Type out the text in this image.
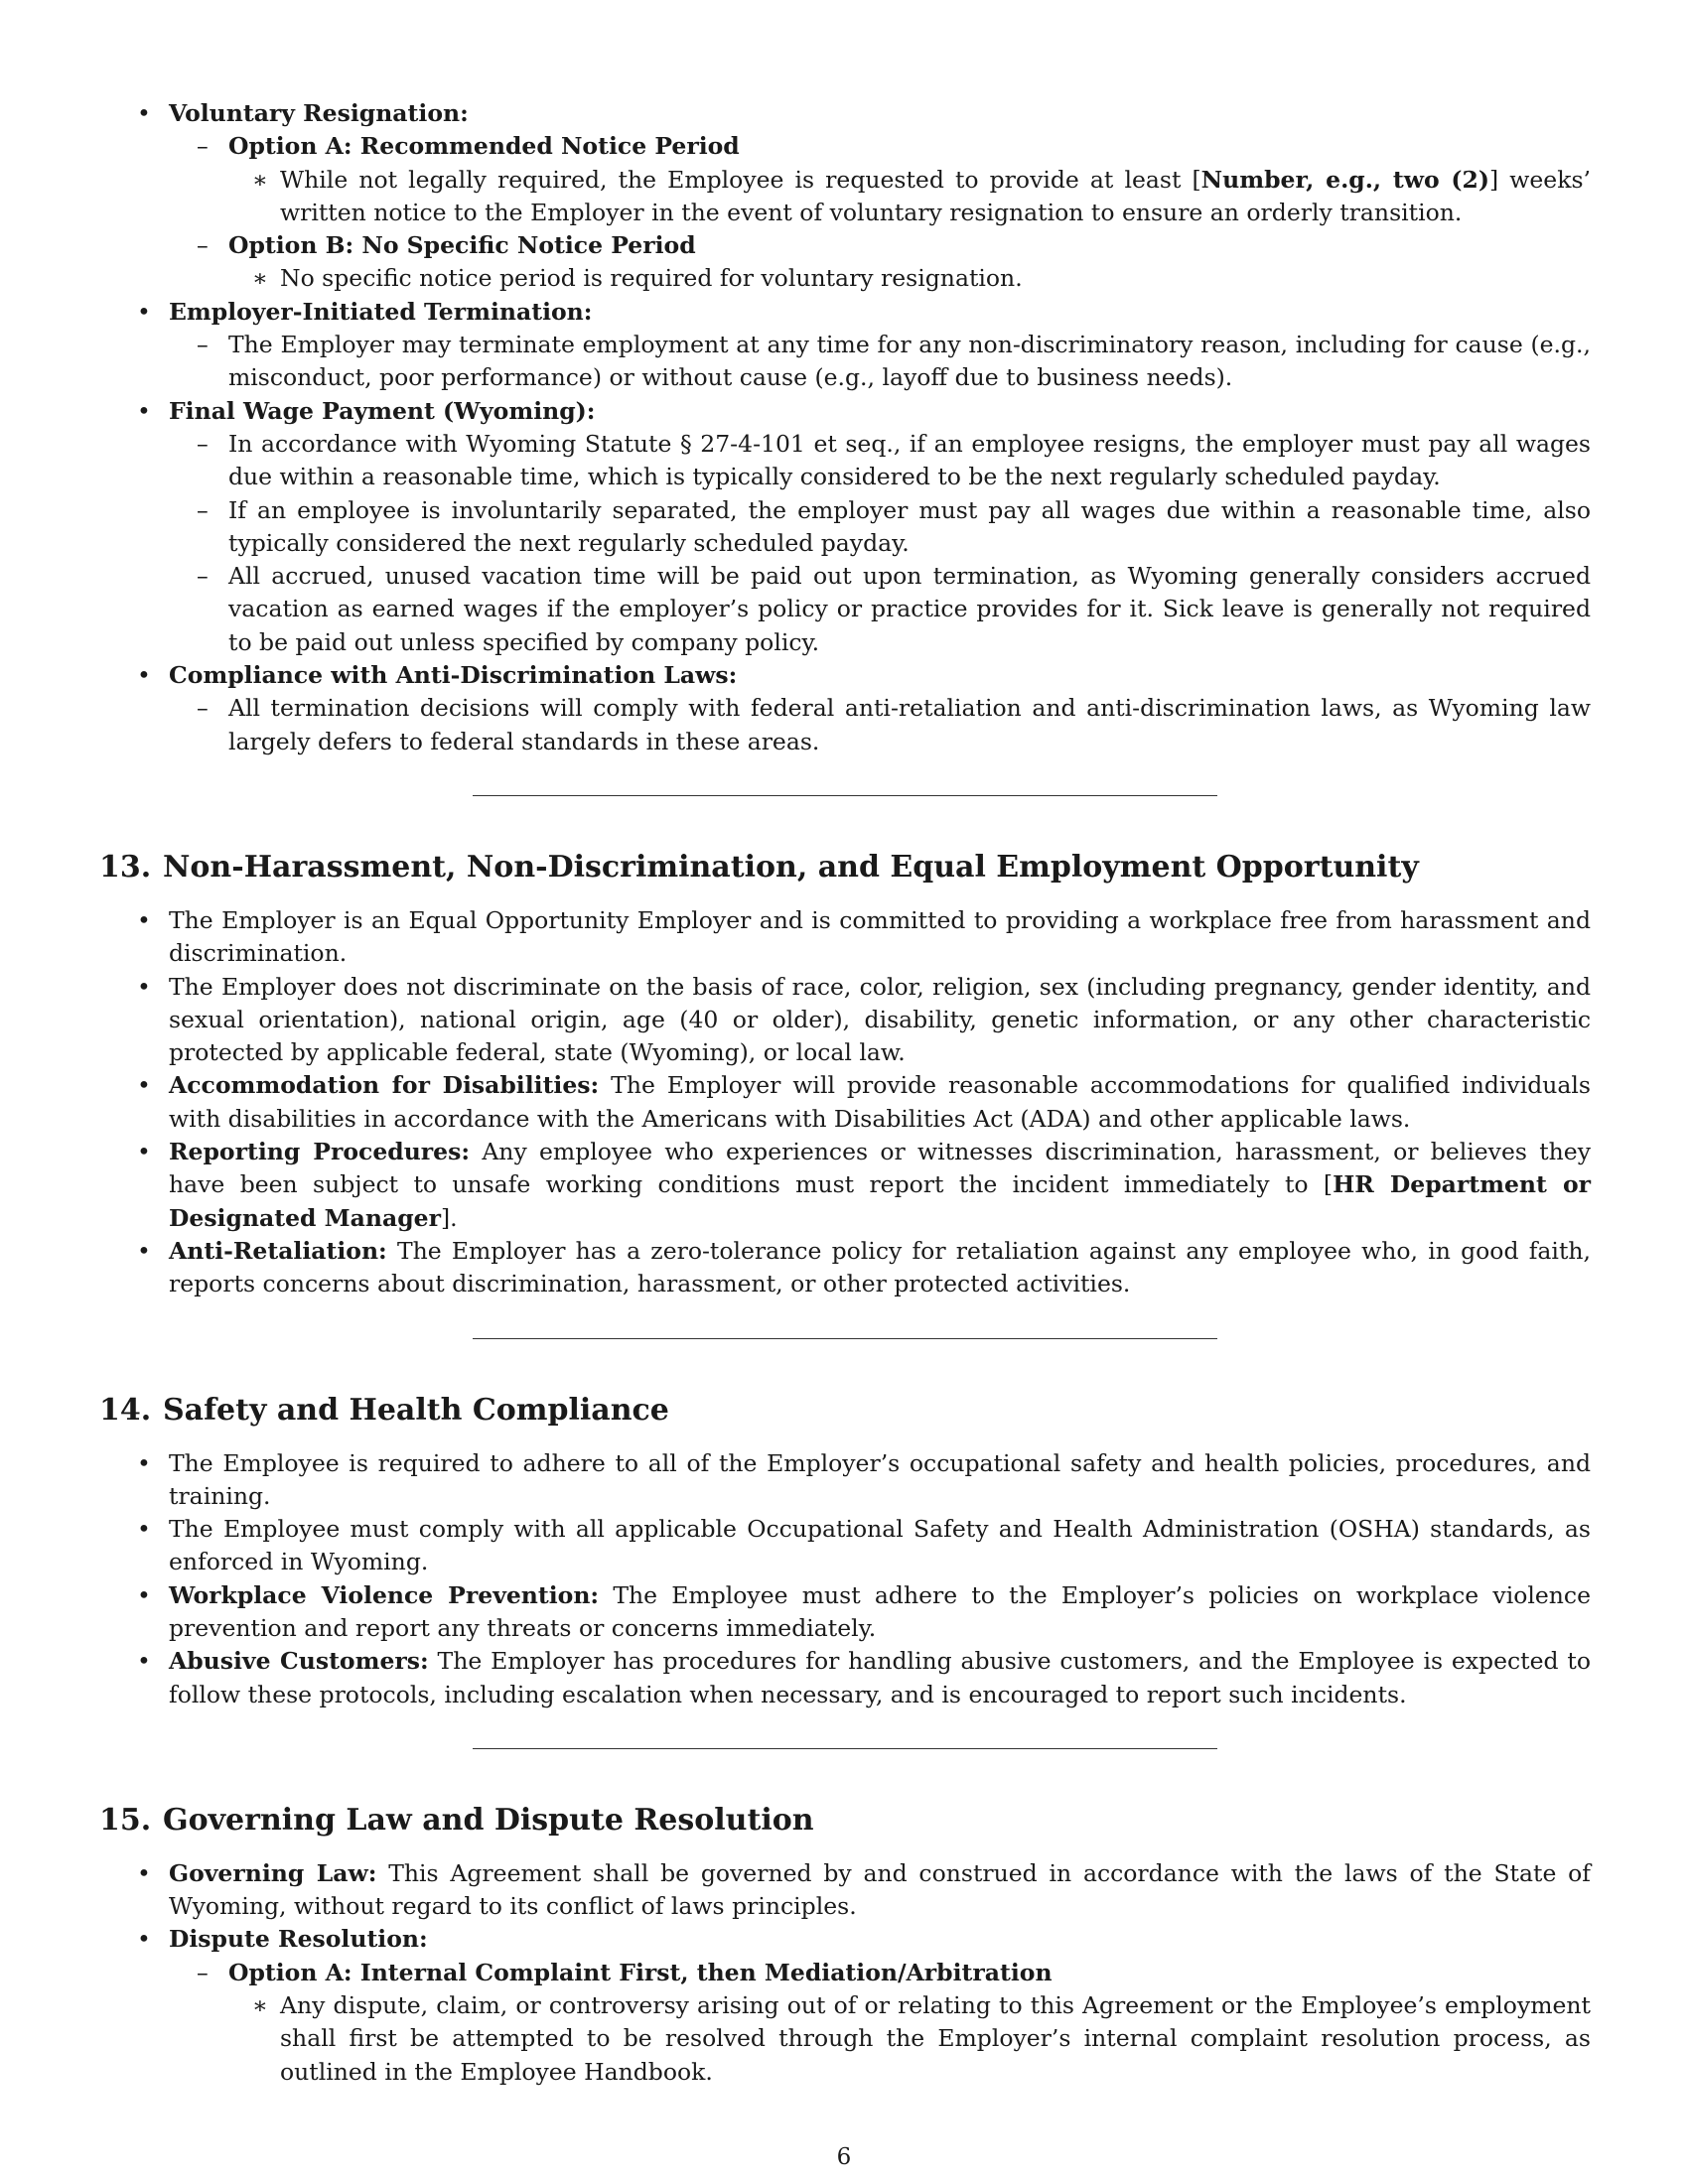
• Voluntary Resignation:
– Option A: Recommended Notice Period
∗ While not legally required, the Employee is requested to provide at least [Number, e.g., two (2)] weeks’ written notice to the Employer in the event of voluntary resignation to ensure an orderly transition.
– Option B: No Specific Notice Period
∗ No specific notice period is required for voluntary resignation.
• Employer-Initiated Termination:
– The Employer may terminate employment at any time for any non-discriminatory reason, including for cause (e.g., misconduct, poor performance) or without cause (e.g., layoff due to business needs).
• Final Wage Payment (Wyoming):
– In accordance with Wyoming Statute § 27-4-101 et seq., if an employee resigns, the employer must pay all wages due within a reasonable time, which is typically considered to be the next regularly scheduled payday.
– If an employee is involuntarily separated, the employer must pay all wages due within a reasonable time, also typically considered the next regularly scheduled payday.
– All accrued, unused vacation time will be paid out upon termination, as Wyoming generally considers accrued vacation as earned wages if the employer’s policy or practice provides for it. Sick leave is generally not required to be paid out unless specified by company policy.
• Compliance with Anti-Discrimination Laws:
– All termination decisions will comply with federal anti-retaliation and anti-discrimination laws, as Wyoming law largely defers to federal standards in these areas.
13. Non-Harassment, Non-Discrimination, and Equal Employment Opportunity
• The Employer is an Equal Opportunity Employer and is committed to providing a workplace free from harassment and discrimination.
• The Employer does not discriminate on the basis of race, color, religion, sex (including pregnancy, gender identity, and sexual orientation), national origin, age (40 or older), disability, genetic information, or any other characteristic protected by applicable federal, state (Wyoming), or local law.
• Accommodation for Disabilities: The Employer will provide reasonable accommodations for qualified individuals with disabilities in accordance with the Americans with Disabilities Act (ADA) and other applicable laws.
• Reporting Procedures: Any employee who experiences or witnesses discrimination, harassment, or believes they have been subject to unsafe working conditions must report the incident immediately to [HR Department or Designated Manager].
• Anti-Retaliation: The Employer has a zero-tolerance policy for retaliation against any employee who, in good faith, reports concerns about discrimination, harassment, or other protected activities.
14. Safety and Health Compliance
• The Employee is required to adhere to all of the Employer’s occupational safety and health policies, procedures, and training.
• The Employee must comply with all applicable Occupational Safety and Health Administration (OSHA) standards, as enforced in Wyoming.
• Workplace Violence Prevention: The Employee must adhere to the Employer’s policies on workplace violence prevention and report any threats or concerns immediately.
• Abusive Customers: The Employer has procedures for handling abusive customers, and the Employee is expected to follow these protocols, including escalation when necessary, and is encouraged to report such incidents.
15. Governing Law and Dispute Resolution
• Governing Law: This Agreement shall be governed by and construed in accordance with the laws of the State of Wyoming, without regard to its conflict of laws principles.
• Dispute Resolution:
– Option A: Internal Complaint First, then Mediation/Arbitration
∗ Any dispute, claim, or controversy arising out of or relating to this Agreement or the Employee’s employment shall first be attempted to be resolved through the Employer’s internal complaint resolution process, as outlined in the Employee Handbook.
6
